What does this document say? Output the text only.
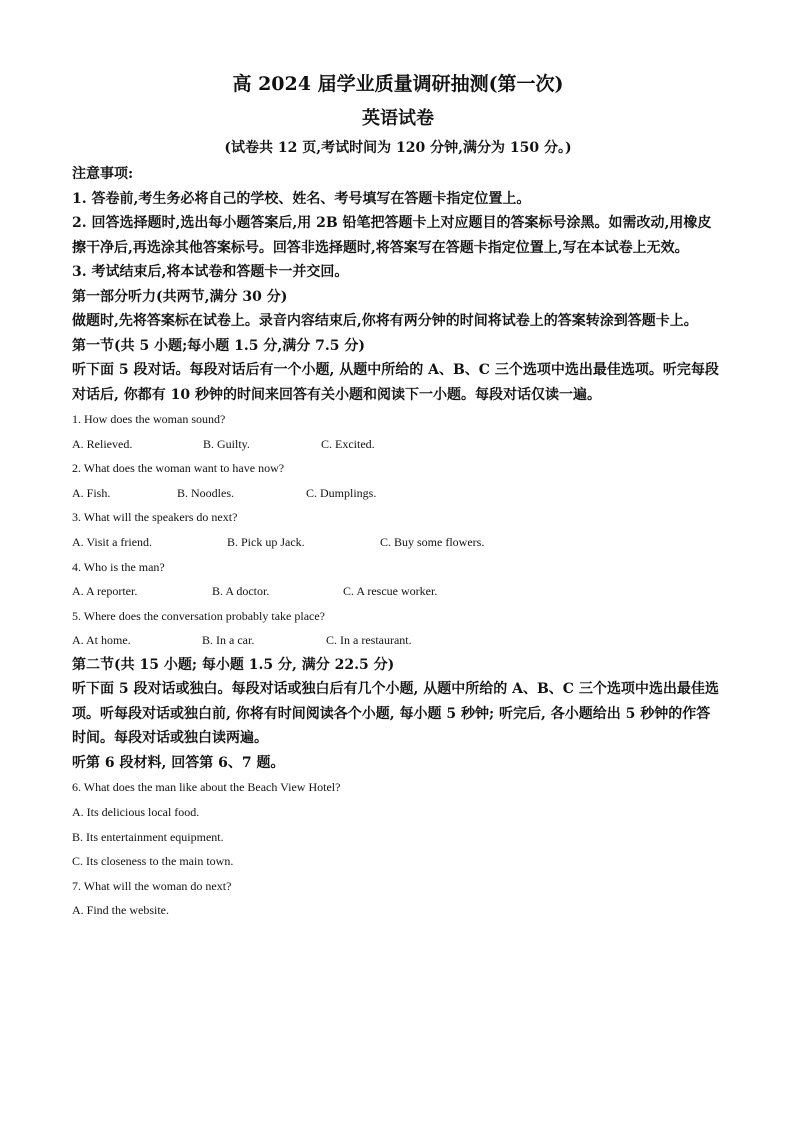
高 2024 届学业质量调研抽测(第一次)
英语试卷
(试卷共 12 页,考试时间为 120 分钟,满分为 150 分。)
注意事项:
1. 答卷前,考生务必将自己的学校、姓名、考号填写在答题卡指定位置上。
2. 回答选择题时,选出每小题答案后,用 2B 铅笔把答题卡上对应题目的答案标号涂黑。如需改动,用橡皮擦干净后,再选涂其他答案标号。回答非选择题时,将答案写在答题卡指定位置上,写在本试卷上无效。
3. 考试结束后,将本试卷和答题卡一并交回。
第一部分听力(共两节,满分 30 分)
做题时,先将答案标在试卷上。录音内容结束后,你将有两分钟的时间将试卷上的答案转涂到答题卡上。
第一节(共 5 小题;每小题 1.5 分,满分 7.5 分)
听下面 5 段对话。每段对话后有一个小题, 从题中所给的 A、B、C 三个选项中选出最佳选项。听完每段对话后, 你都有 10 秒钟的时间来回答有关小题和阅读下一小题。每段对话仅读一遍。
1. How does the woman sound?
A. Relieved.	B. Guilty.	C. Excited.
2. What does the woman want to have now?
A. Fish.	B. Noodles.	C. Dumplings.
3. What will the speakers do next?
A. Visit a friend.	B. Pick up Jack.	C. Buy some flowers.
4. Who is the man?
A. A reporter.	B. A doctor.	C. A rescue worker.
5. Where does the conversation probably take place?
A. At home.	B. In a car.	C. In a restaurant.
第二节(共 15 小题; 每小题 1.5 分, 满分 22.5 分)
听下面 5 段对话或独白。每段对话或独白后有几个小题, 从题中所给的 A、B、C 三个选项中选出最佳选项。听每段对话或独白前, 你将有时间阅读各个小题, 每小题 5 秒钟; 听完后, 各小题给出 5 秒钟的作答时间。每段对话或独白读两遍。
听第 6 段材料, 回答第 6、7 题。
6. What does the man like about the Beach View Hotel?
A. Its delicious local food.
B. Its entertainment equipment.
C. Its closeness to the main town.
7. What will the woman do next?
A. Find the website.
